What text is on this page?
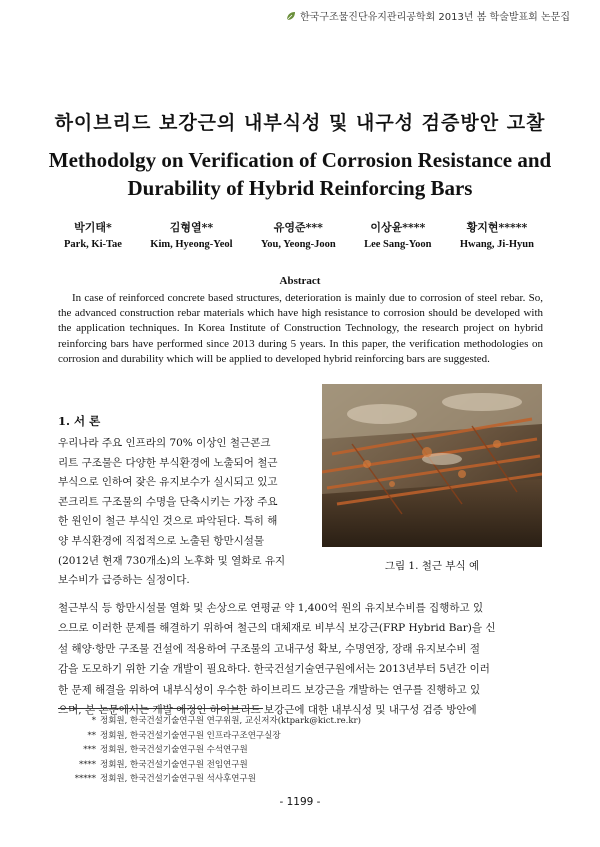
한국구조물진단유지관리공학회 2013년 봄 학술발표회 논문집
하이브리드 보강근의 내부식성 및 내구성 검증방안 고찰
Methodolgy on Verification of Corrosion Resistance and
Durability of Hybrid Reinforcing Bars
박기태*
Park, Ki-Tae
김형열**
Kim, Hyeong-Yeol
유영준***
You, Yeong-Joon
이상윤****
Lee Sang-Yoon
황지현*****
Hwang, Ji-Hyun
Abstract

In case of reinforced concrete based structures, deterioration is mainly due to corrosion of steel rebar. So, the advanced construction rebar materials which have high resistance to corrosion should be developed with the application techniques. In Korea Institute of Construction Technology, the research project on hybrid reinforcing bars have performed since 2013 during 5 years. In this paper, the verification methodologies on corrosion and durability which will be applied to developed hybrid reinforcing bars are suggested.

1. 서 론
우리나라 주요 인프라의 70% 이상인 철근콘크
리트 구조물은 다양한 부식환경에 노출되어 철근
부식으로 인하여 잦은 유지보수가 실시되고 있고
콘크리트 구조물의 수명을 단축시키는 가장 주요
한 원인이 철근 부식인 것으로 파악된다. 특히 해
양 부식환경에 직접적으로 노출된 항만시설물
(2012년 현재 730개소)의 노후화 및 열화로 유지
보수비가 급증하는 실정이다.
그림 1. 철근 부식 예
철근부식 등 항만시설물 열화 및 손상으로 연평균 약 1,400억 원의 유지보수비를 집행하고 있
으므로 이러한 문제를 해결하기 위하여 철근의 대체재로 비부식 보강근(FRP Hybrid Bar)을 신
설 해양·항만 구조물 건설에 적용하여 구조물의 고내구성 확보, 수명연장, 장래 유지보수비 절
감을 도모하기 위한 기술 개발이 필요하다. 한국건설기술연구원에서는 2013년부터 5년간 이러
한 문제 해결을 위하여 내부식성이 우수한 하이브리드 보강근을 개발하는 연구를 진행하고 있
으며, 본 논문에서는 개발 예정인 하이브리드 보강근에 대한 내부식성 및 내구성 검증 방안에
* 정회원, 한국건설기술연구원 연구위원, 교신저자(ktpark@kict.re.kr)
** 정회원, 한국건설기술연구원 인프라구조연구실장
*** 정회원, 한국건설기술연구원 수석연구원
**** 정회원, 한국건설기술연구원 전임연구원
***** 정회원, 한국건설기술연구원 석사후연구원
- 1199 -
